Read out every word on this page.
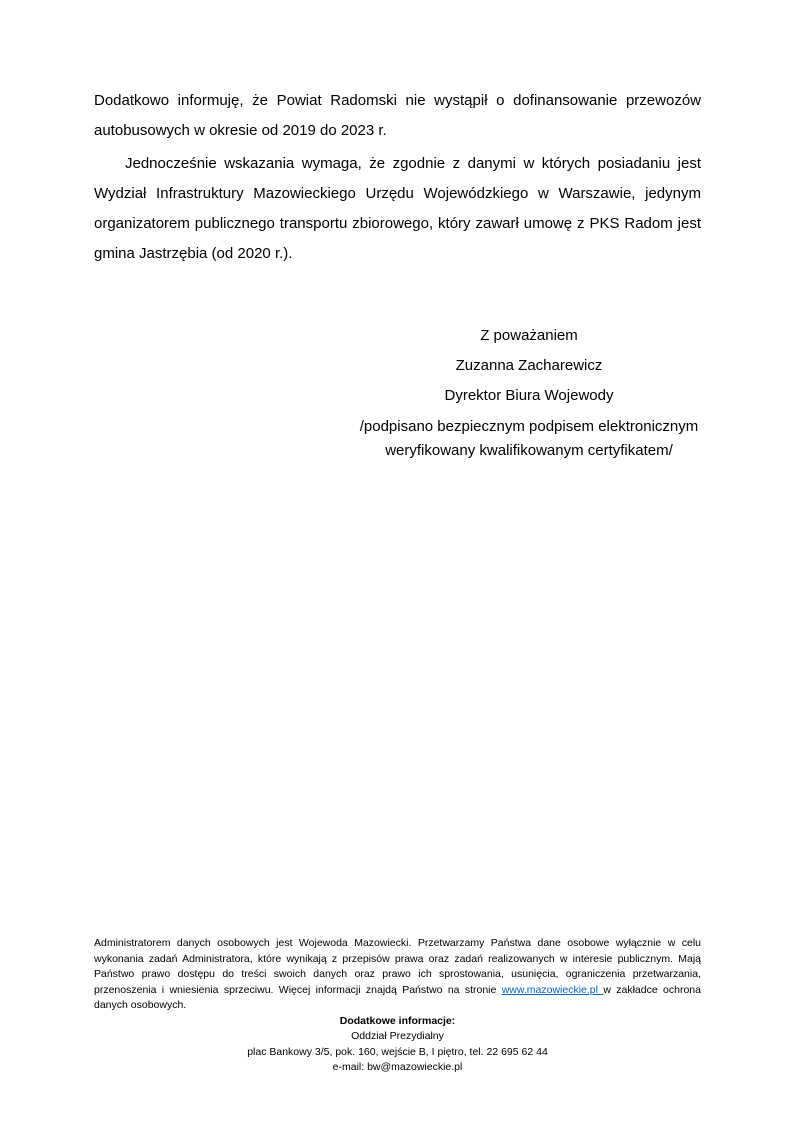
Dodatkowo informuję, że Powiat Radomski nie wystąpił o dofinansowanie przewozów autobusowych w okresie od 2019 do 2023 r.

Jednocześnie wskazania wymaga, że zgodnie z danymi w których posiadaniu jest Wydział Infrastruktury Mazowieckiego Urzędu Wojewódzkiego w Warszawie, jedynym organizatorem publicznego transportu zbiorowego, który zawarł umowę z PKS Radom jest gmina Jastrzębia (od 2020 r.).

Z poważaniem

Zuzanna Zacharewicz

Dyrektor Biura Wojewody

/podpisano bezpiecznym podpisem elektronicznym
weryfikowany kwalifikowanym certyfikatem/

Administratorem danych osobowych jest Wojewoda Mazowiecki. Przetwarzamy Państwa dane osobowe wyłącznie w celu wykonania zadań Administratora, które wynikają z przepisów prawa oraz zadań realizowanych w interesie publicznym. Mają Państwo prawo dostępu do treści swoich danych oraz prawo ich sprostowania, usunięcia, ograniczenia przetwarzania, przenoszenia i wniesienia sprzeciwu. Więcej informacji znajdą Państwo na stronie www.mazowieckie.pl w zakładce ochrona danych osobowych.

Dodatkowe informacje:

Oddział Prezydialny

plac Bankowy 3/5, pok. 160, wejście B, I piętro, tel. 22 695 62 44

e-mail: bw@mazowieckie.pl
